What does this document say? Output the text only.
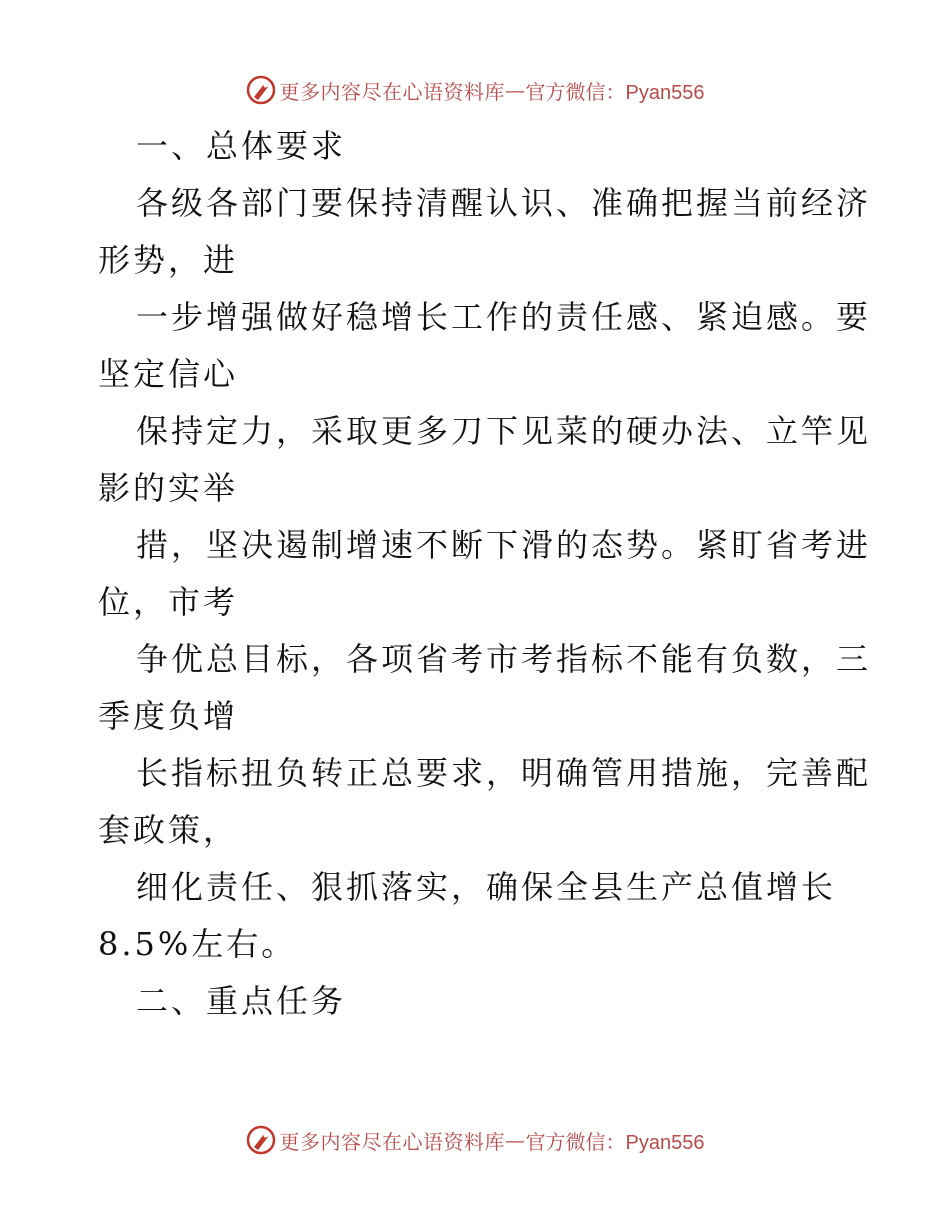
更多内容尽在心语资料库 — 官方微信：Pyan556
一、总体要求
各级各部门要保持清醒认识、准确把握当前经济
形势，进
一步增强做好稳增长工作的责任感、紧迫感。要
坚定信心
保持定力，采取更多刀下见菜的硬办法、立竿见
影的实举
措，坚决遏制增速不断下滑的态势。紧盯省考进
位，市考
争优总目标，各项省考市考指标不能有负数，三
季度负增
长指标扭负转正总要求，明确管用措施，完善配
套政策，
细化责任、狠抓落实，确保全县生产总值增长
8.5%左右。
二、重点任务
更多内容尽在心语资料库 — 官方微信：Pyan556
